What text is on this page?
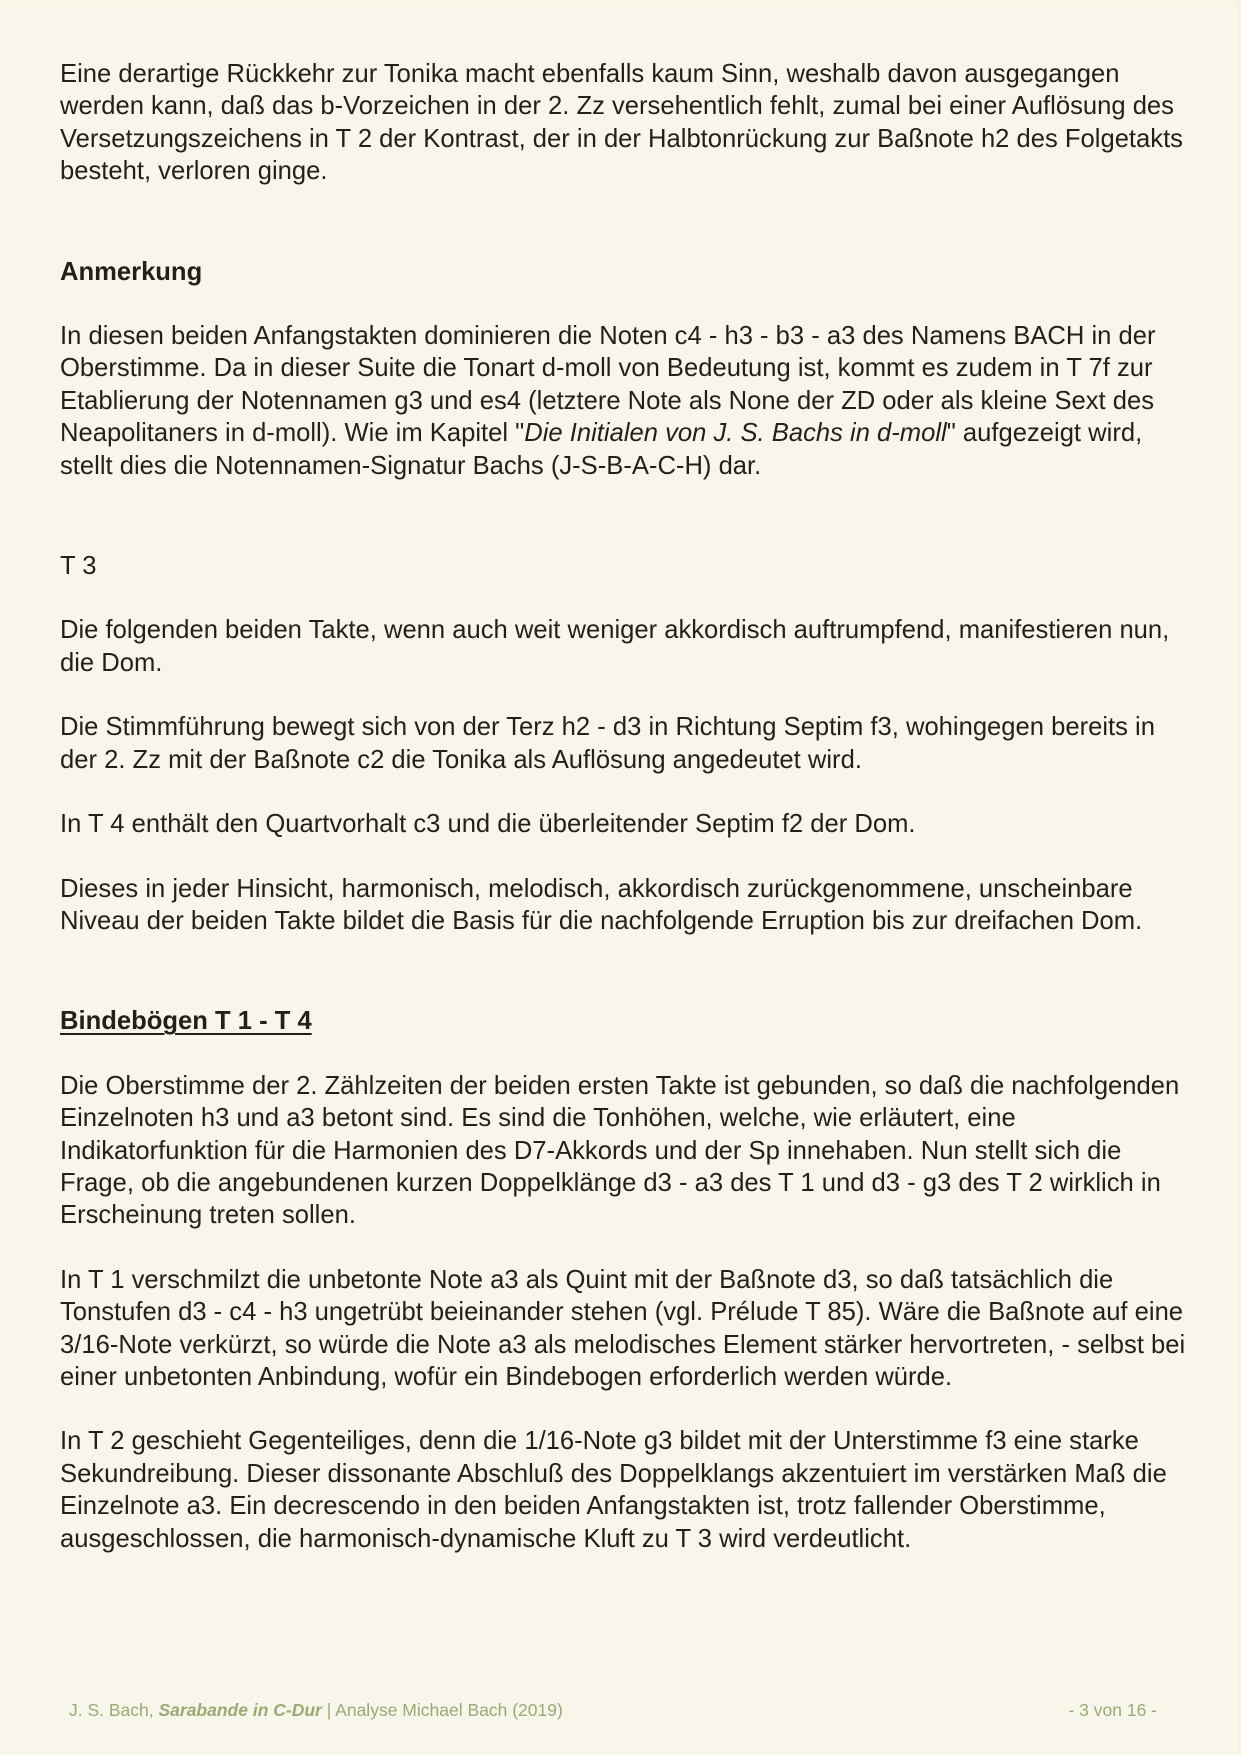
Eine derartige Rückkehr zur Tonika macht ebenfalls kaum Sinn, weshalb davon ausgegangen werden kann, daß das b-Vorzeichen in der 2. Zz versehentlich fehlt, zumal bei einer Auflösung des Versetzungszeichens in T 2 der Kontrast, der in der Halbtonrückung zur Baßnote h2 des Folgetakts besteht, verloren ginge.

Anmerkung

In diesen beiden Anfangstakten dominieren die Noten c4 - h3 - b3 - a3 des Namens BACH in der Oberstimme. Da in dieser Suite die Tonart d-moll von Bedeutung ist, kommt es zudem in T 7f zur Etablierung der Notennamen g3 und es4 (letztere Note als None der ZD oder als kleine Sext des Neapolitaners in d-moll). Wie im Kapitel "Die Initialen von J. S. Bachs in d-moll" aufgezeigt wird, stellt dies die Notennamen-Signatur Bachs (J-S-B-A-C-H) dar.

T 3

Die folgenden beiden Takte, wenn auch weit weniger akkordisch auftrumpfend, manifestieren nun, die Dom.

Die Stimmführung bewegt sich von der Terz h2 - d3 in Richtung Septim f3, wohingegen bereits in der 2. Zz mit der Baßnote c2 die Tonika als Auflösung angedeutet wird.

In T 4 enthält den Quartvorhalt c3 und die überleitender Septim f2 der Dom.

Dieses in jeder Hinsicht, harmonisch, melodisch, akkordisch zurückgenommene, unscheinbare Niveau der beiden Takte bildet die Basis für die nachfolgende Erruption bis zur dreifachen Dom.

Bindebögen T 1 - T 4

Die Oberstimme der 2. Zählzeiten der beiden ersten Takte ist gebunden, so daß die nachfolgenden Einzelnoten h3 und a3 betont sind. Es sind die Tonhöhen, welche, wie erläutert, eine Indikatorfunktion für die Harmonien des D7-Akkords und der Sp innehaben. Nun stellt sich die Frage, ob die angebundenen kurzen Doppelklänge d3 - a3 des T 1 und d3 - g3 des T 2 wirklich in Erscheinung treten sollen.

In T 1 verschmilzt die unbetonte Note a3 als Quint mit der Baßnote d3, so daß tatsächlich die Tonstufen d3 - c4 - h3 ungetrübt beieinander stehen (vgl. Prélude T 85). Wäre die Baßnote auf eine 3/16-Note verkürzt, so würde die Note a3 als melodisches Element stärker hervortreten, - selbst bei einer unbetonten Anbindung, wofür ein Bindebogen erforderlich werden würde.

In T 2 geschieht Gegenteiliges, denn die 1/16-Note g3 bildet mit der Unterstimme f3 eine starke Sekundreibung. Dieser dissonante Abschluß des Doppelklangs akzentuiert im verstärken Maß die Einzelnote a3. Ein decrescendo in den beiden Anfangstakten ist, trotz fallender Oberstimme, ausgeschlossen, die harmonisch-dynamische Kluft zu T 3 wird verdeutlicht.

J. S. Bach, Sarabande in C-Dur | Analyse Michael Bach (2019)	- 3 von 16 -
